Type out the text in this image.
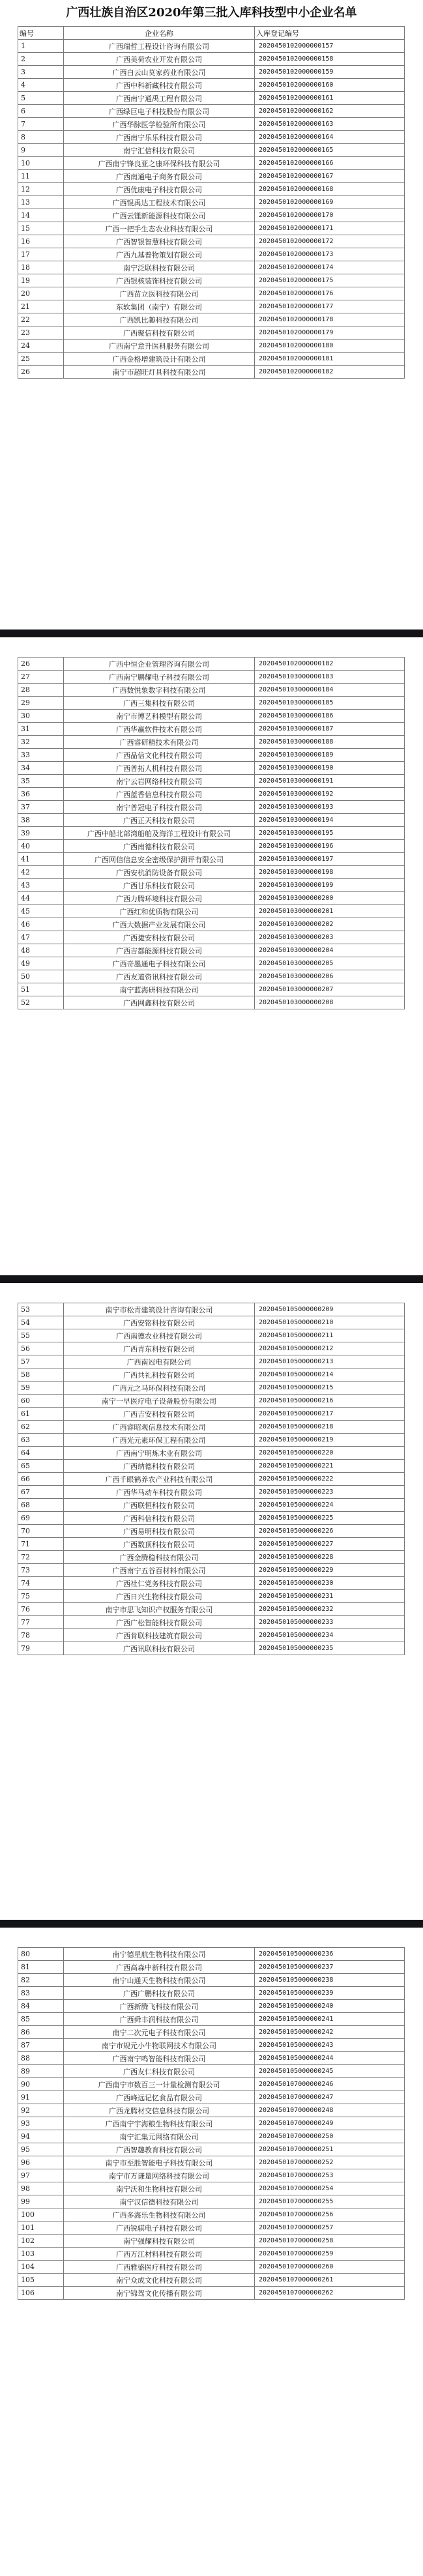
广西壮族自治区2020年第三批入库科技型中小企业名单
编号	企业名称	入库登记编号
1	广西瑞哲工程设计咨询有限公司	2020450102000000157
2	广西美荷农业开发有限公司	2020450102000000158
3	广西白云山莫家药业有限公司	2020450102000000159
4	广西中科新藏科技有限公司	2020450102000000160
5	广西南宁通禹工程有限公司	2020450102000000161
6	广西绿巨电子科技股份有限公司	2020450102000000162
7	广西华脉医学检验所有限公司	2020450102000000163
8	广西南宁乐乐科技有限公司	2020450102000000164
9	南宁汇信科技有限公司	2020450102000000165
10	广西南宁锋良亚之康环保科技有限公司	2020450102000000166
11	广西南通电子商务有限公司	2020450102000000167
12	广西优康电子科技有限公司	2020450102000000168
13	广西锟禹达工程技术有限公司	2020450102000000169
14	广西云锂新能源科技有限公司	2020450102000000170
15	广西一把手生态农业科技有限公司	2020450102000000171
16	广西智银智慧科技有限公司	2020450102000000172
17	广西九基普物策划有限公司	2020450102000000173
18	南宁泛联科技有限公司	2020450102000000174
19	广西银核装饰科技有限公司	2020450102000000175
20	广西苗立医科技有限公司	2020450102000000176
21	东软集团（南宁）有限公司	2020450102000000177
22	广西凯比趣科技有限公司	2020450102000000178
23	广西聚信科技有限公司	2020450102000000179
24	广西南宁意升医科服务有限公司	2020450102000000180
25	广西金格增建筑设计有限公司	2020450102000000181
26	南宁市超旺灯具科技有限公司	2020450102000000182
26	广西中恒企业管理咨询有限公司	2020450102000000182
27	广西南宁鹏耀电子科技有限公司	2020450103000000183
28	广西数悦象数字科技有限公司	2020450103000000184
29	广西三集科技有限公司	2020450103000000185
30	南宁市博艺科模型有限公司	2020450103000000186
31	广西华赢软件技术有限公司	2020450103000000187
32	广西睿研精技术有限公司	2020450103000000188
33	广西品信文化科技有限公司	2020450103000000189
34	广西普拓人机科技有限公司	2020450103000000190
35	南宁云岩网络科技有限公司	2020450103000000191
36	广西蓝香信息科技有限公司	2020450103000000192
37	南宁普冠电子科技有限公司	2020450103000000193
38	广西正天科技有限公司	2020450103000000194
39	广西中船北部湾船舶及海洋工程设计有限公司	2020450103000000195
40	广西南德科技有限公司	2020450103000000196
41	广西网信信息安全密级保护测评有限公司	2020450103000000197
42	广西安杭消防设备有限公司	2020450103000000198
43	广西甘乐科技有限公司	2020450103000000199
44	广西力腾环境科技有限公司	2020450103000000200
45	广西红和优质物有限公司	2020450103000000201
46	广西大数据产业发展有限公司	2020450103000000202
47	广西捷安科技有限公司	2020450103000000203
48	广西吉都能源科技有限公司	2020450103000000204
49	广西奇墨通电子科技有限公司	2020450103000000205
50	广西友道资讯科技有限公司	2020450103000000206
51	南宁蓝海研科技有限公司	2020450103000000207
52	广西网鑫科技有限公司	2020450103000000208
53	南宁市松青建筑设计咨询有限公司	2020450105000000209
54	广西安铭科技有限公司	2020450105000000210
55	广西南德农业科技有限公司	2020450105000000211
56	广西青东科技有限公司	2020450105000000212
57	广西南冠电有限公司	2020450105000000213
58	广西共礼科技有限公司	2020450105000000214
59	广西元之马环保科技有限公司	2020450105000000215
60	南宁一早医疗电子设备股份有限公司	2020450105000000216
61	广西吉安科技有限公司	2020450105000000217
62	广西睿昭观信息技术有限公司	2020450105000000218
63	广西光元素环保工程有限公司	2020450105000000219
64	广西南宁明炼木业有限公司	2020450105000000220
65	广西纳德科技有限公司	2020450105000000221
66	广西千眼鹤养农产业科技有限公司	2020450105000000222
67	广西华马动车科技有限公司	2020450105000000223
68	广西联恒科技有限公司	2020450105000000224
69	广西科信科技有限公司	2020450105000000225
70	广西易明科技有限公司	2020450105000000226
71	广西数顶科技有限公司	2020450105000000227
72	广西金腾稳科技有限公司	2020450105000000228
73	广西南宁五谷百材料有限公司	2020450105000000229
74	广西社仁党务科技有限公司	2020450105000000230
75	广西日兴生物科技有限公司	2020450105000000231
76	南宁市思飞知识产权服务有限公司	2020450105000000232
77	广西广松智能科技有限公司	2020450105000000233
78	广西肯联科技建筑有限公司	2020450105000000234
79	广西讯联科技有限公司	2020450105000000235
80	南宁德星航生物科技有限公司	2020450105000000236
81	广西高森中新科技有限公司	2020450105000000237
82	南宁山通天生物科技有限公司	2020450105000000238
83	广西广鹏科技有限公司	2020450105000000239
84	广西新腾飞科技有限公司	2020450105000000240
85	广西舜丰润科技有限公司	2020450105000000241
86	南宁二次元电子科技有限公司	2020450105000000242
87	南宁市规元小牛物联网技术有限公司	2020450105000000243
88	广西南宁鸣智能科技有限公司	2020450105000000244
89	广西友仁科技有限公司	2020450105000000245
90	广西南宁市数百三一计量检测有限公司	2020450107000000246
91	广西峰远记忆食品有限公司	2020450107000000247
92	广西龙腾材交信息科技有限公司	2020450107000000248
93	广西南宁宇海粮生物科技有限公司	2020450107000000249
94	南宁汇集元网络有限公司	2020450107000000250
95	广西智趣教育科技有限公司	2020450107000000251
96	南宁市至胜智能电子科技有限公司	2020450107000000252
97	南宁市万谦量网络科技有限公司	2020450107000000253
98	南宁沃和生物科技有限公司	2020450107000000254
99	南宁汉信德科技有限公司	2020450107000000255
100	广西多海乐生物科技有限公司	2020450107000000256
101	广西锐骐电子科技有限公司	2020450107000000257
102	南宁强耀科技有限公司	2020450107000000258
103	广西万江材料科技有限公司	2020450107000000259
104	广西雅盛医疗科技有限公司	2020450107000000260
105	南宁众成文化科技有限公司	2020450107000000261
106	南宁锦驾文化传播有限公司	2020450107000000262
